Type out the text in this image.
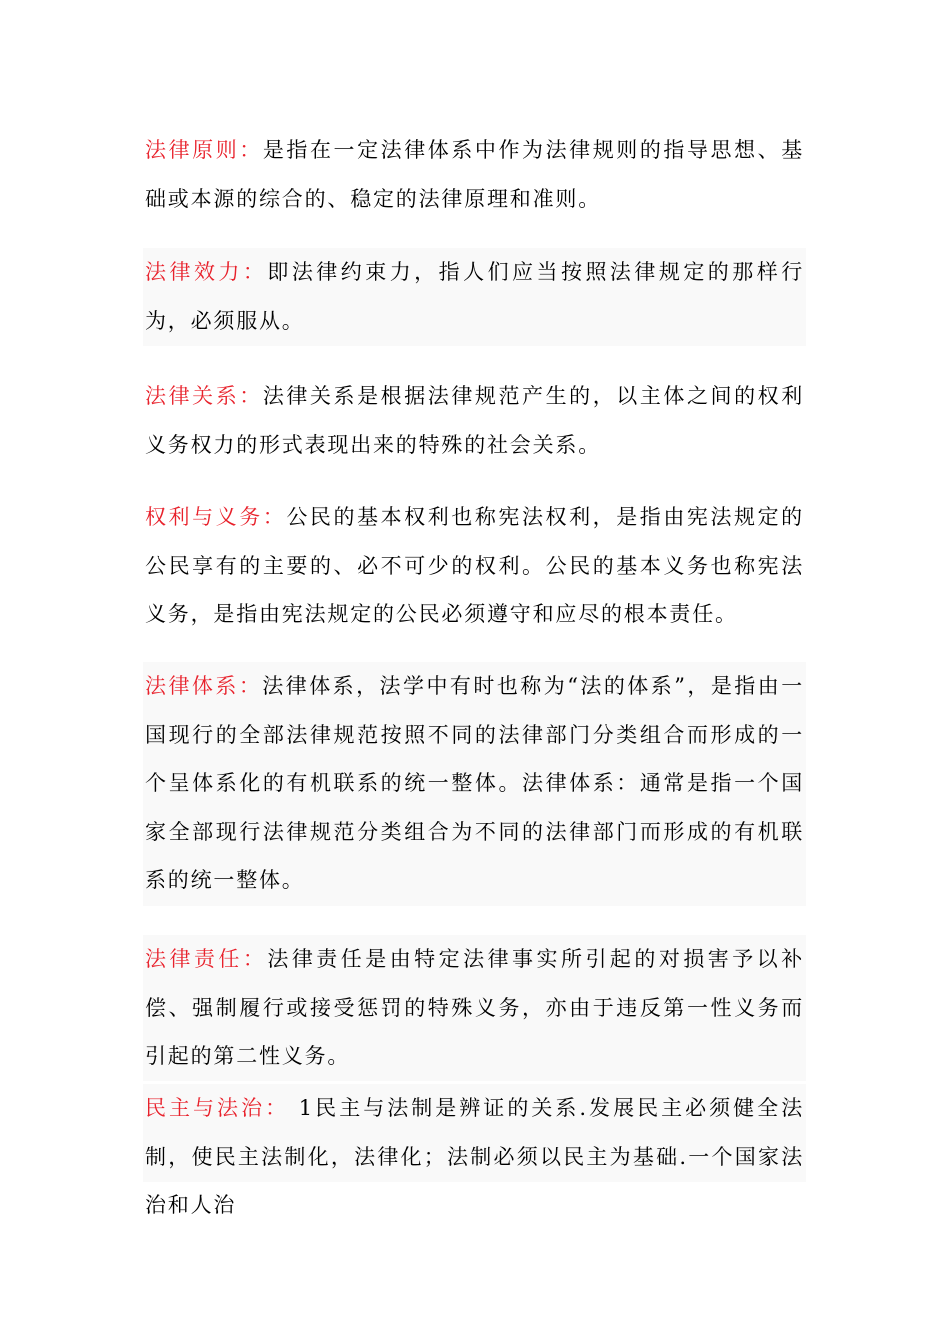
法律原则：是指在一定法律体系中作为法律规则的指导思想、基础或本源的综合的、稳定的法律原理和准则。
法律效力：即法律约束力，指人们应当按照法律规定的那样行为，必须服从。
法律关系：法律关系是根据法律规范产生的，以主体之间的权利义务权力的形式表现出来的特殊的社会关系。
权利与义务：公民的基本权利也称宪法权利，是指由宪法规定的公民享有的主要的、必不可少的权利。公民的基本义务也称宪法义务，是指由宪法规定的公民必须遵守和应尽的根本责任。
法律体系：法律体系，法学中有时也称为“法的体系”，是指由一国现行的全部法律规范按照不同的法律部门分类组合而形成的一个呈体系化的有机联系的统一整体。法律体系：通常是指一个国家全部现行法律规范分类组合为不同的法律部门而形成的有机联系的统一整体。
法律责任：法律责任是由特定法律事实所引起的对损害予以补偿、强制履行或接受惩罚的特殊义务，亦由于违反第一性义务而引起的第二性义务。
民主与法治： 1民主与法制是辨证的关系.发展民主必须健全法制，使民主法制化，法律化；法制必须以民主为基础.一个国家法治和人治
